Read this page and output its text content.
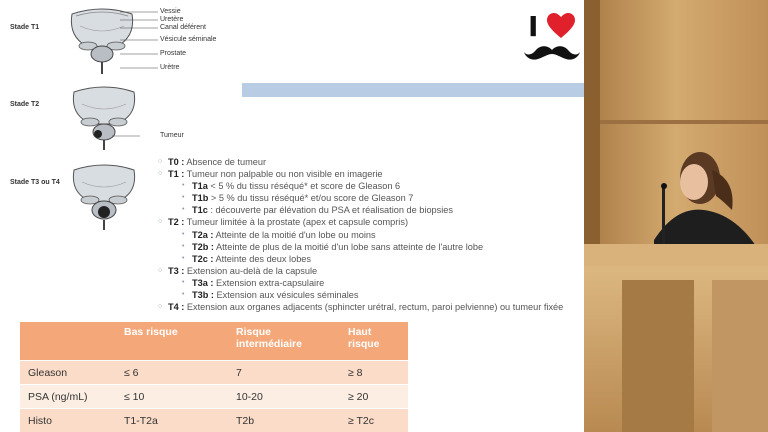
Stade T1
Stade T2
Stade T3 ou T4
Vessie
Uretère
Canal déférent
Vésicule séminale
Prostate
Urètre
Tumeur
I
○ T0 : Absence de tumeur
○ T1 : Tumeur non palpable ou non visible en imagerie
• T1a < 5 % du tissu réséqué* et score de Gleason 6
• T1b > 5 % du tissu réséqué* et/ou score de Gleason 7
• T1c : découverte par élévation du PSA et réalisation de biopsies
○ T2 : Tumeur limitée à la prostate (apex et capsule compris)
• T2a : Atteinte de la moitié d'un lobe ou moins
• T2b : Atteinte de plus de la moitié d'un lobe sans atteinte de l'autre lobe
• T2c : Atteinte des deux lobes
○ T3 : Extension au-delà de la capsule
• T3a : Extension extra-capsulaire
• T3b : Extension aux vésicules séminales
○ T4 : Extension aux organes adjacents (sphincter urétral, rectum, paroi pelvienne) ou tumeur fixée
	Bas risque	Risque intermédiaire	Haut risque
Gleason	≤ 6	7	≥ 8
PSA (ng/mL)	≤ 10	10-20	≥ 20
Histo	T1-T2a	T2b	≥ T2c
